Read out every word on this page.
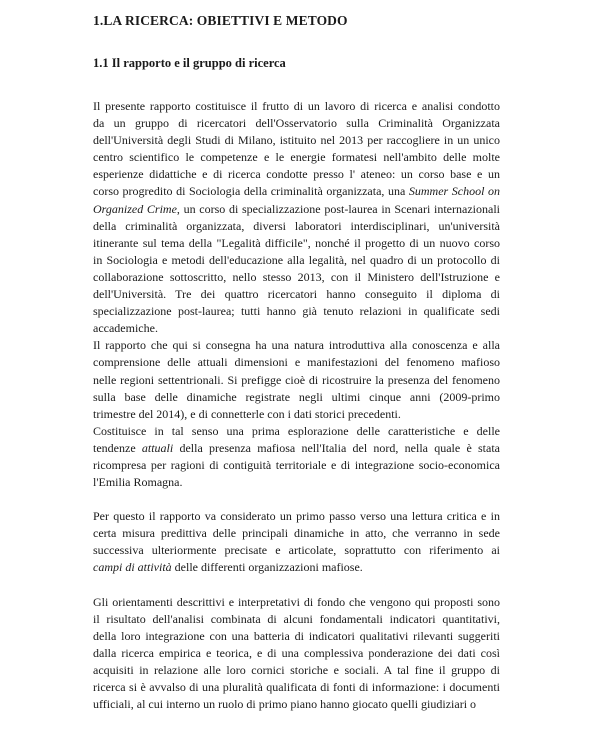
1.LA RICERCA: OBIETTIVI E METODO
1.1 Il rapporto e il gruppo di ricerca
Il presente rapporto costituisce il frutto di un lavoro di ricerca e analisi condotto
da un gruppo di ricercatori dell'Osservatorio sulla Criminalità Organizzata
dell'Università degli Studi di Milano, istituito nel 2013 per raccogliere in un unico
centro scientifico le competenze e le energie formatesi nell'ambito delle molte
esperienze didattiche e di ricerca condotte presso l' ateneo: un corso base e un
corso progredito di Sociologia della criminalità organizzata, una Summer School on
Organized Crime, un corso di specializzazione post-laurea in Scenari internazionali
della criminalità organizzata, diversi laboratori interdisciplinari, un'università
itinerante sul tema della "Legalità difficile", nonché il progetto di un nuovo corso
in Sociologia e metodi dell'educazione alla legalità, nel quadro di un protocollo di
collaborazione sottoscritto, nello stesso 2013, con il Ministero dell'Istruzione e
dell'Università. Tre dei quattro ricercatori hanno conseguito il diploma di
specializzazione post-laurea; tutti hanno già tenuto relazioni in qualificate sedi
accademiche.
Il rapporto che qui si consegna ha una natura introduttiva alla conoscenza e alla
comprensione delle attuali dimensioni e manifestazioni del fenomeno mafioso
nelle regioni settentrionali. Si prefigge cioè di ricostruire la presenza del fenomeno
sulla base delle dinamiche registrate negli ultimi cinque anni (2009-primo
trimestre del 2014), e di connetterle con i dati storici precedenti.
Costituisce in tal senso una prima esplorazione delle caratteristiche e delle
tendenze attuali della presenza mafiosa nell'Italia del nord, nella quale è stata
ricompresa per ragioni di contiguità territoriale e di integrazione socio-economica
l'Emilia Romagna.
Per questo il rapporto va considerato un primo passo verso una lettura critica e in
certa misura predittiva delle principali dinamiche in atto, che verranno in sede
successiva ulteriormente precisate e articolate, soprattutto con riferimento ai
campi di attività delle differenti organizzazioni mafiose.
Gli orientamenti descrittivi e interpretativi di fondo che vengono qui proposti sono
il risultato dell'analisi combinata di alcuni fondamentali indicatori quantitativi,
della loro integrazione con una batteria di indicatori qualitativi rilevanti suggeriti
dalla ricerca empirica e teorica, e di una complessiva ponderazione dei dati così
acquisiti in relazione alle loro cornici storiche e sociali. A tal fine il gruppo di
ricerca si è avvalso di una pluralità qualificata di fonti di informazione: i documenti
ufficiali, al cui interno un ruolo di primo piano hanno giocato quelli giudiziari o
